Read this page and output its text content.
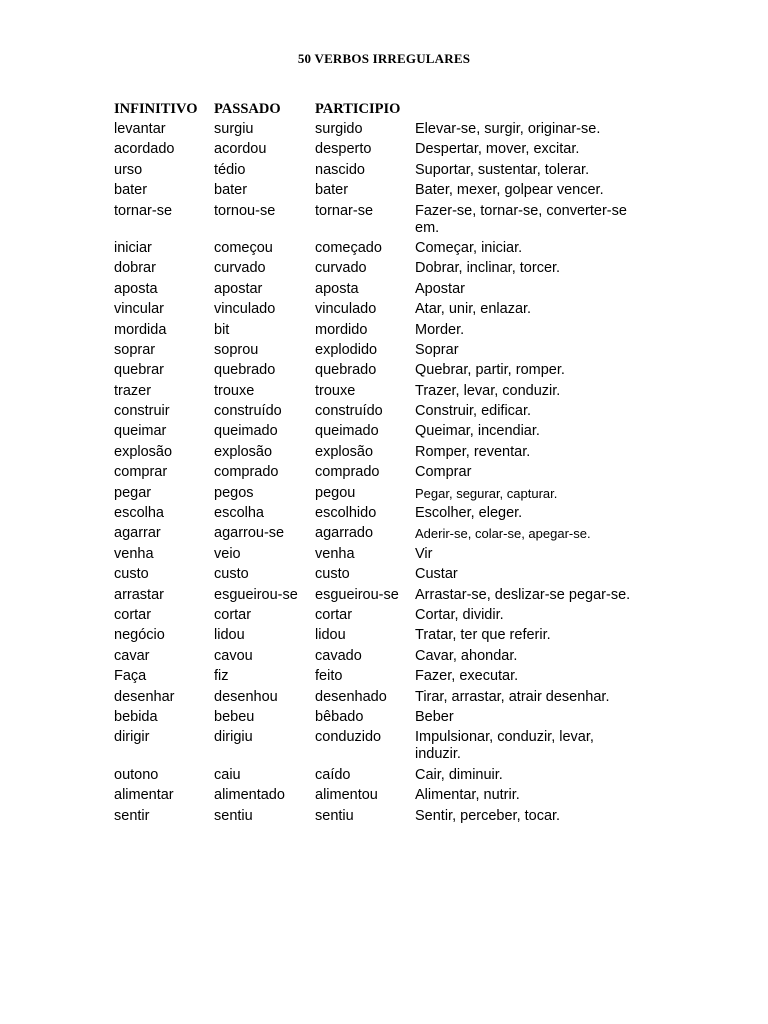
50 VERBOS IRREGULARES
INFINITIVO	PASSADO	PARTICIPIO	
levantar	surgiu	surgido	Elevar-se, surgir, originar-se.
acordado	acordou	desperto	Despertar, mover, excitar.
urso	tédio	nascido	Suportar, sustentar, tolerar.
bater	bater	bater	Bater, mexer, golpear vencer.
tornar-se	tornou-se	tornar-se	Fazer-se, tornar-se, converter-se em.
iniciar	começou	começado	Começar, iniciar.
dobrar	curvado	curvado	Dobrar, inclinar, torcer.
aposta	apostar	aposta	Apostar
vincular	vinculado	vinculado	Atar, unir, enlazar.
mordida	bit	mordido	Morder.
soprar	soprou	explodido	Soprar
quebrar	quebrado	quebrado	Quebrar, partir, romper.
trazer	trouxe	trouxe	Trazer, levar, conduzir.
construir	construído	construído	Construir, edificar.
queimar	queimado	queimado	Queimar, incendiar.
explosão	explosão	explosão	Romper, reventar.
comprar	comprado	comprado	Comprar
pegar	pegos	pegou	Pegar, segurar, capturar.
escolha	escolha	escolhido	Escolher, eleger.
agarrar	agarrou-se	agarrado	Aderir-se, colar-se, apegar-se.
venha	veio	venha	Vir
custo	custo	custo	Custar
arrastar	esgueirou-se	esgueirou-se	Arrastar-se, deslizar-se pegar-se.
cortar	cortar	cortar	Cortar, dividir.
negócio	lidou	lidou	Tratar, ter que referir.
cavar	cavou	cavado	Cavar, ahondar.
Faça	fiz	feito	Fazer, executar.
desenhar	desenhou	desenhado	Tirar, arrastar, atrair desenhar.
bebida	bebeu	bêbado	Beber
dirigir	dirigiu	conduzido	Impulsionar, conduzir, levar, induzir.
outono	caiu	caído	Cair, diminuir.
alimentar	alimentado	alimentou	Alimentar, nutrir.
sentir	sentiu	sentiu	Sentir, perceber, tocar.
